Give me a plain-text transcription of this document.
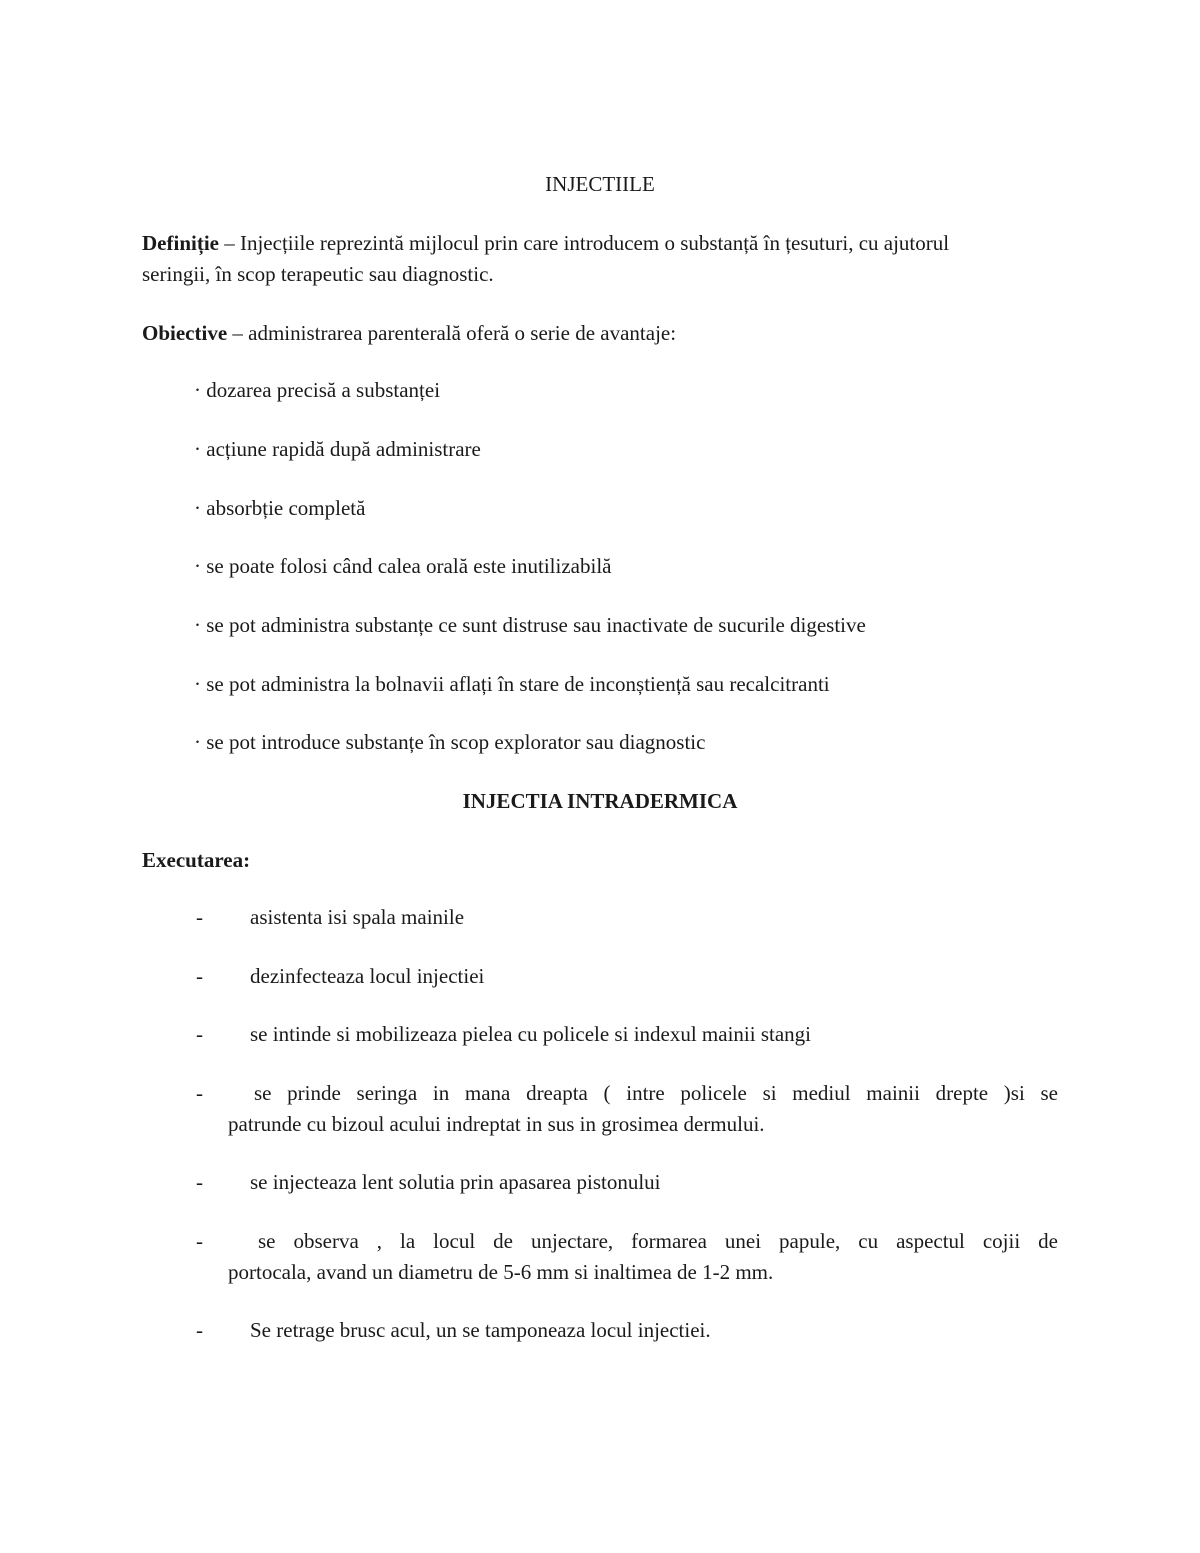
INJECTIILE
Definiție – Injecțiile reprezintă mijlocul prin care introducem o substanță în țesuturi, cu ajutorul
seringii, în scop terapeutic sau diagnostic.
Obiective – administrarea parenterală oferă o serie de avantaje:
· dozarea precisă a substanței
· acțiune rapidă după administrare
· absorbție completă
· se poate folosi când calea orală este inutilizabilă
· se pot administra substanțe ce sunt distruse sau inactivate de sucurile digestive
· se pot administra la bolnavii aflați în stare de inconștiență sau recalcitranti
· se pot introduce substanțe în scop explorator sau diagnostic
INJECTIA INTRADERMICA
Executarea:
- asistenta isi spala mainile
- dezinfecteaza locul injectiei
- se intinde si mobilizeaza pielea cu policele si indexul mainii stangi
-	se prinde seringa in mana dreapta ( intre policele si mediul mainii drepte )si se
patrunde cu bizoul acului indreptat in sus in grosimea dermului.
- se injecteaza lent solutia prin apasarea pistonului
-	se observa , la locul de unjectare, formarea unei papule, cu aspectul cojii de
portocala, avand un diametru de 5-6 mm si inaltimea de 1-2 mm.
- Se retrage brusc acul, un se tamponeaza locul injectiei.
